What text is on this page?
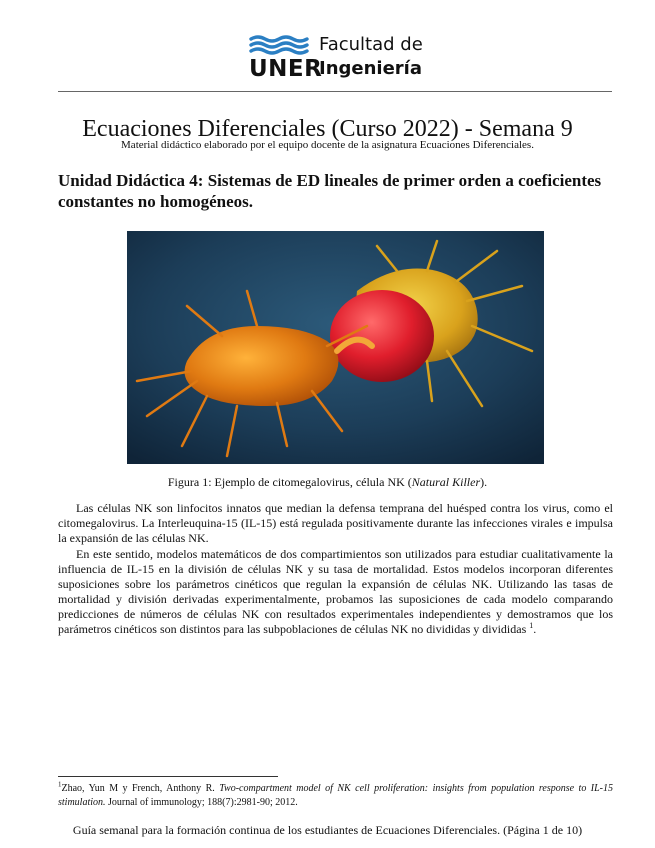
UNER
Facultad de
Ingeniería
Ecuaciones Diferenciales (Curso 2022) - Semana 9
Material didáctico elaborado por el equipo docente de la asignatura Ecuaciones Diferenciales.
Unidad Didáctica 4: Sistemas de ED lineales de primer orden a coeficientes constantes no homogéneos.
Figura 1: Ejemplo de citomegalovirus, célula NK (Natural Killer).

Las células NK son linfocitos innatos que median la defensa temprana del huésped contra los virus, como el citomegalovirus. La Interleuquina-15 (IL-15) está regulada positivamente durante las infecciones virales e impulsa la expansión de las células NK.

En este sentido, modelos matemáticos de dos compartimientos son utilizados para estudiar cualitativamente la influencia de IL-15 en la división de células NK y su tasa de mortalidad. Estos modelos incorporan diferentes suposiciones sobre los parámetros cinéticos que regulan la expansión de células NK. Utilizando las tasas de mortalidad y división derivadas experimentalmente, probamos las suposiciones de cada modelo comparando predicciones de números de células NK con resultados experimentales independientes y demostramos que los parámetros cinéticos son distintos para las subpoblaciones de células NK no divididas y divididas $^1$.

$^1$Zhao, Yun M y French, Anthony R. Two-compartment model of NK cell proliferation: insights from population response to IL-15 stimulation. Journal of immunology; 188(7):2981-90; 2012.
Guía semanal para la formación continua de los estudiantes de Ecuaciones Diferenciales. (Página 1 de 10)
